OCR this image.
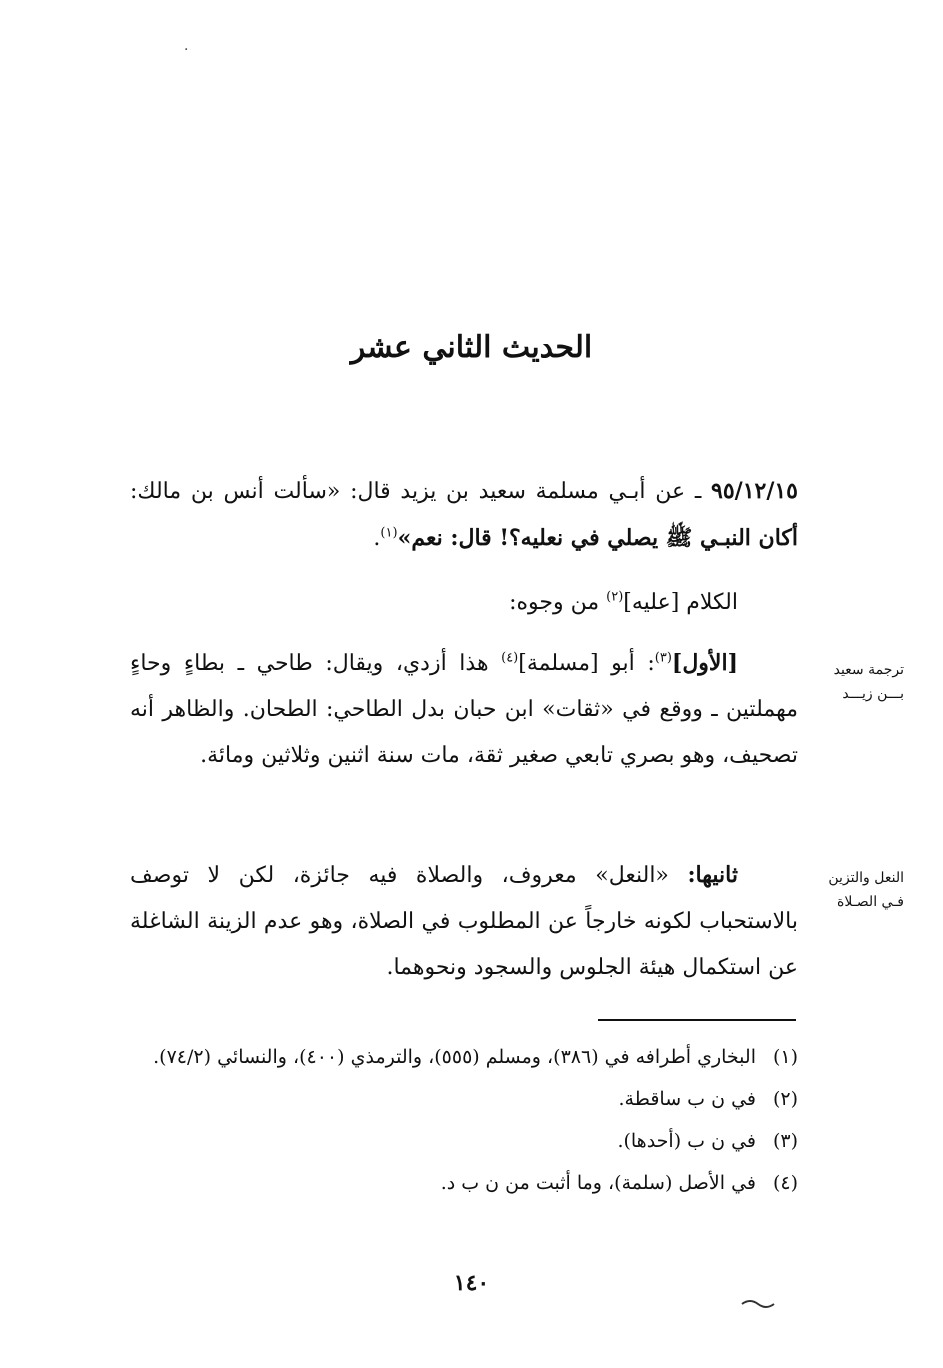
·
الحديث الثاني عشر

٩٥/١٢/١٥ ـ عن أبـي مسلمة سعيد بن يزيد قال: «سألت أنس بن مالك: أكان النبـي ﷺ يصلي في نعليه؟! قال: نعم»$^{(١)}$.

الكلام [عليه]$^{(٢)}$ من وجوه:

ترجمة سعيد بـــن زيـــد

[الأول]$^{(٣)}$: أبو [مسلمة]$^{(٤)}$ هذا أزدي، ويقال: طاحي ـ بطاءٍ وحاءٍ مهملتين ـ ووقع في «ثقات» ابن حبان بدل الطاحي: الطحان. والظاهر أنه تصحيف، وهو بصري تابعي صغير ثقة، مات سنة اثنين وثلاثين ومائة.

النعل والتزين فـي الصـلاة

ثانيها: «النعل» معروف، والصلاة فيه جائزة، لكن لا توصف بالاستحباب لكونه خارجاً عن المطلوب في الصلاة، وهو عدم الزينة الشاغلة عن استكمال هيئة الجلوس والسجود ونحوهما.

(١)البخاري أطرافه في (٣٨٦)، ومسلم (٥٥٥)، والترمذي (٤٠٠)، والنسائي (٧٤/٢).
(٢)في ن ب ساقطة.
(٣)في ن ب (أحدها).
(٤)في الأصل (سلمة)، وما أثبت من ن ب د.
١٤٠
